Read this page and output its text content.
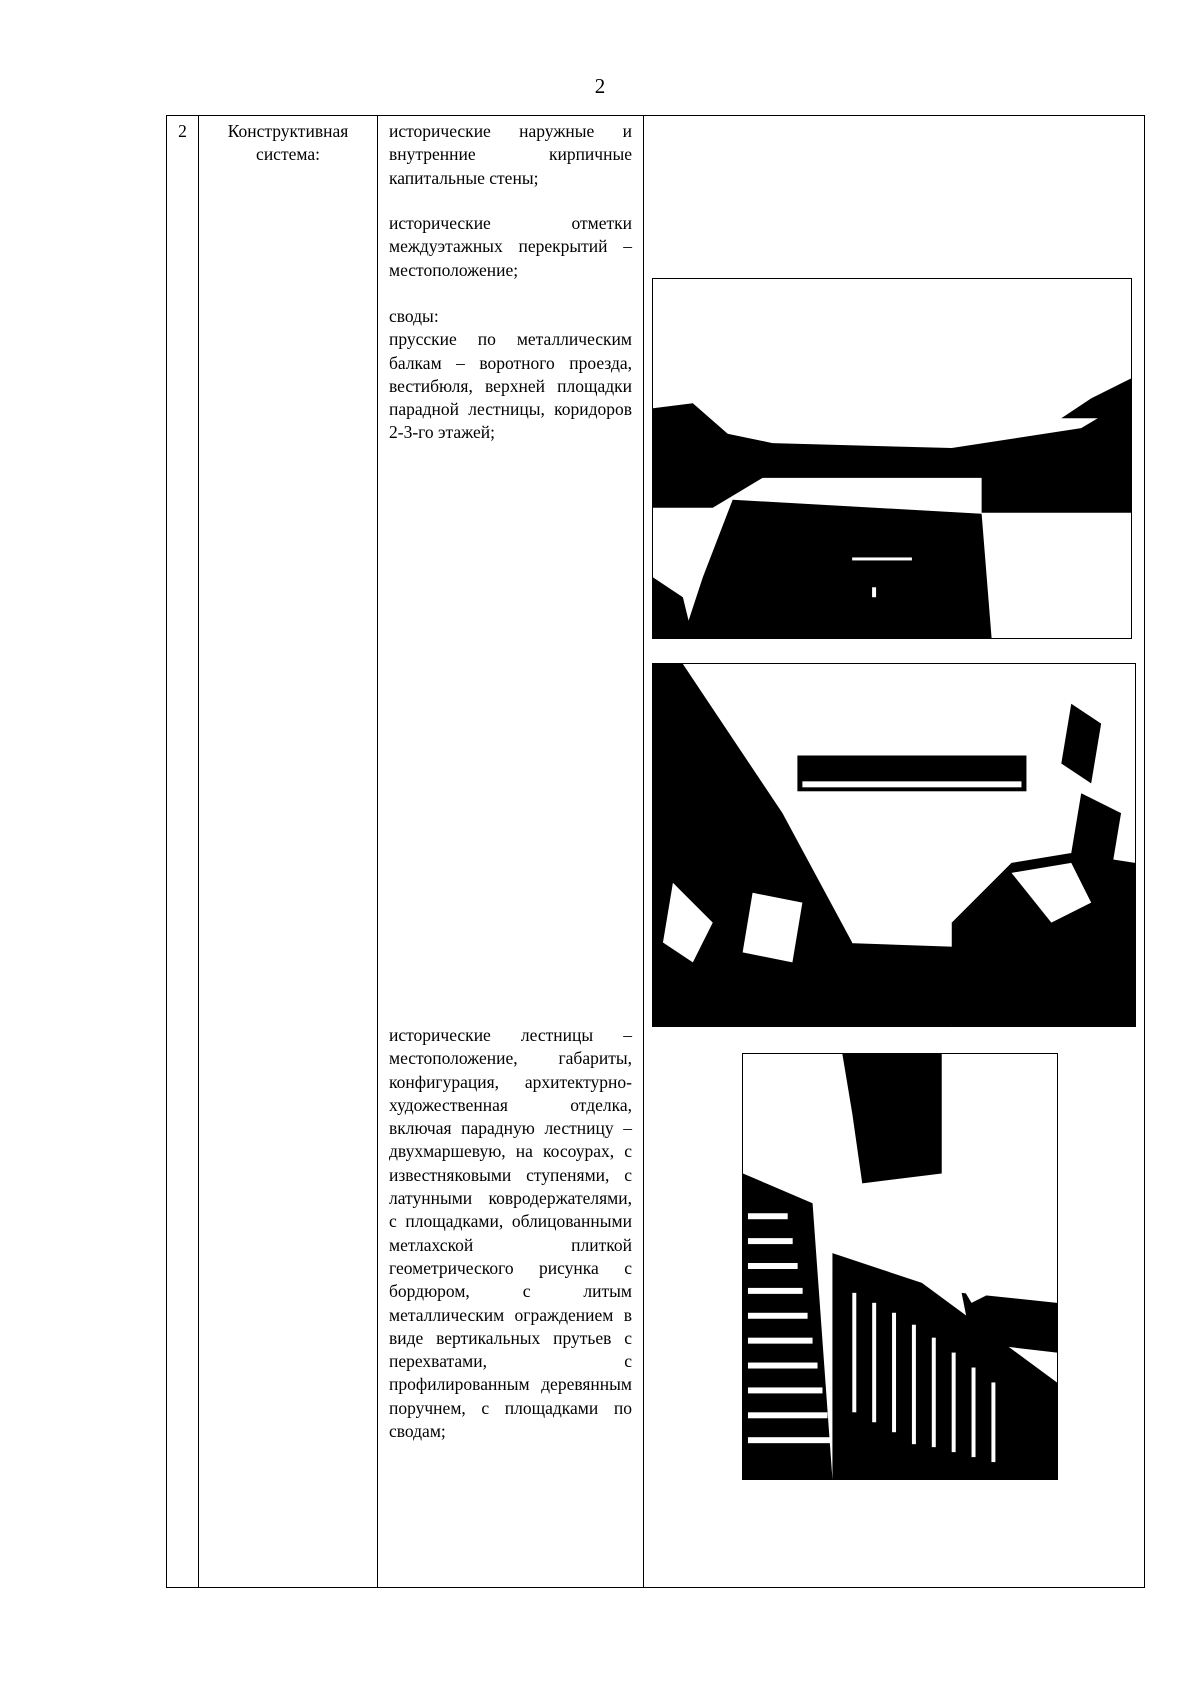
2
2	Конструктивная система:

исторические наружные и внутренние кирпичные капитальные стены;

исторические отметки междуэтажных перекрытий – местоположение;

своды:

прусские по металлическим балкам – воротного проезда, вестибюля, верхней площадки парадной лестницы, коридоров 2-3-го этажей;

исторические лестницы – местоположение, габариты, конфигурация, архитектурно-художественная отделка, включая парадную лестницу – двухмаршевую, на косоурах, с известняковыми ступенями, с латунными ковродержателями, с площадками, облицованными метлахской плиткой геометрического рисунка с бордюром, с литым металлическим ограждением в виде вертикальных прутьев с перехватами, с профилированным деревянным поручнем, с площадками по сводам;
